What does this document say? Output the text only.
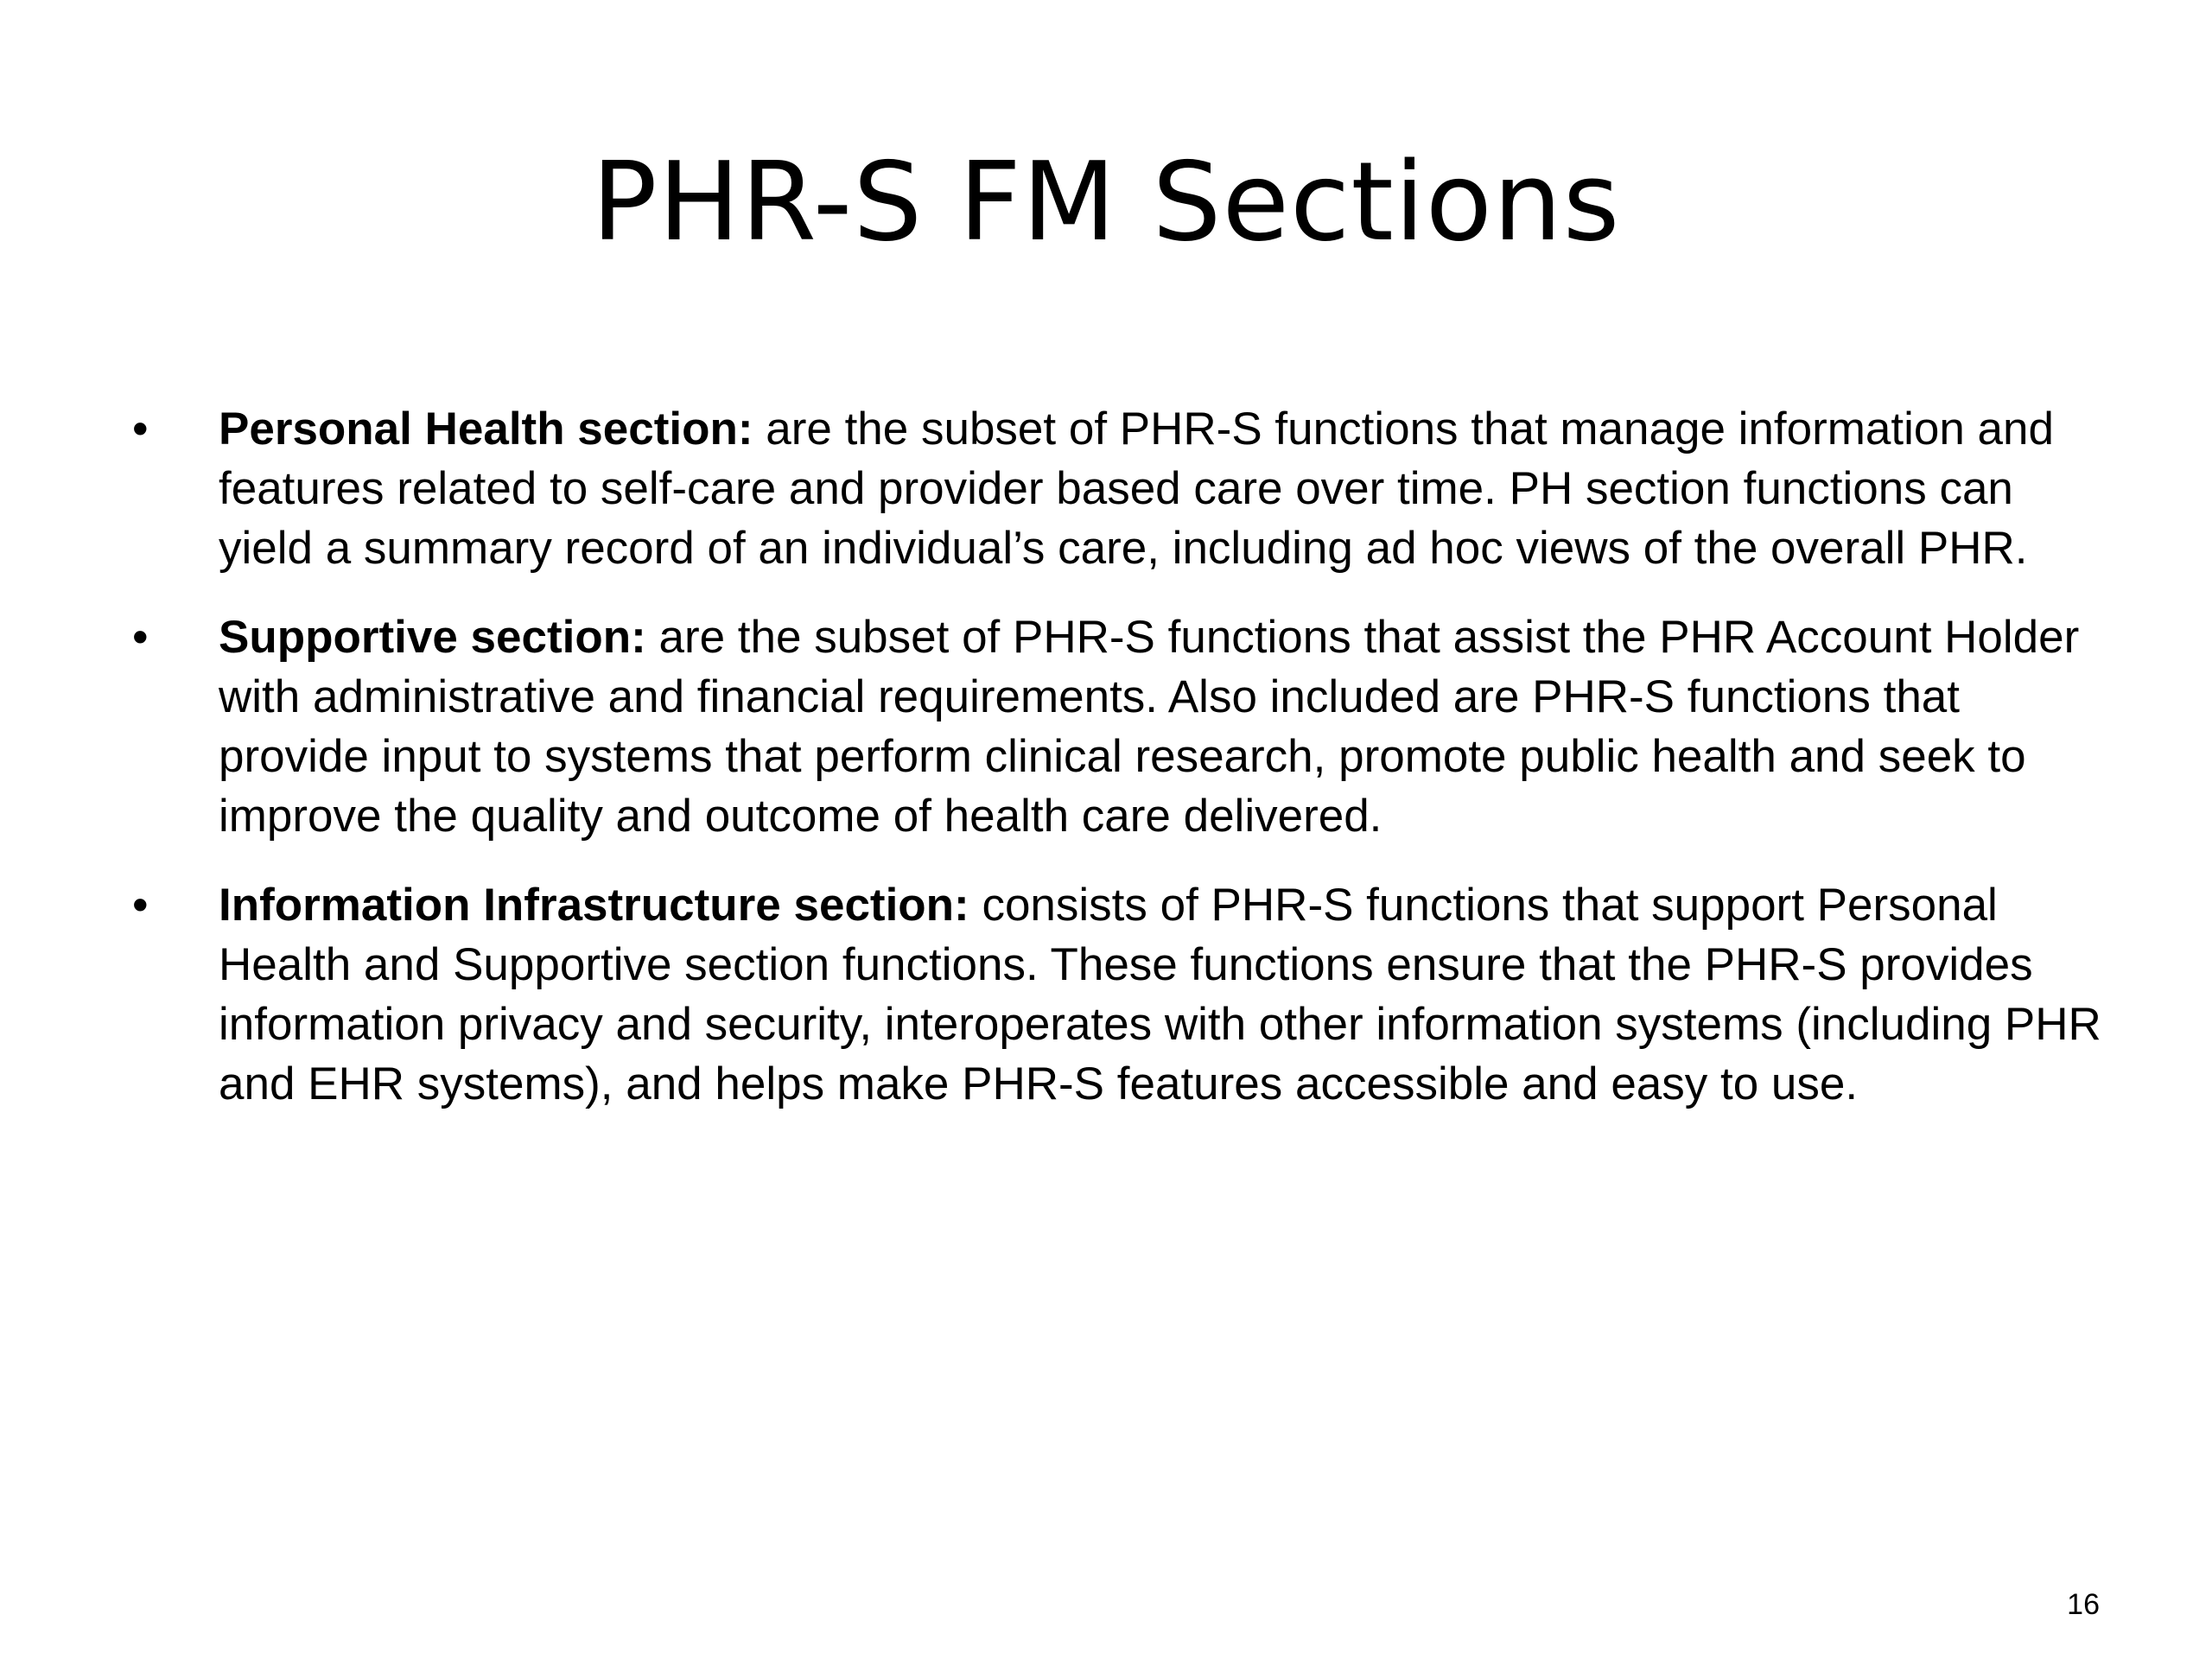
PHR-S FM Sections
• Personal Health section: are the subset of PHR-S functions that manage information and features related to self-care and provider based care over time. PH section functions can yield a summary record of an individual’s care, including ad hoc views of the overall PHR.
• Supportive section: are the subset of PHR-S functions that assist the PHR Account Holder with administrative and financial requirements. Also included are PHR-S functions that provide input to systems that perform clinical research, promote public health and seek to improve the quality and outcome of health care delivered.
• Information Infrastructure section: consists of PHR-S functions that support Personal Health and Supportive section functions. These functions ensure that the PHR-S provides information privacy and security, interoperates with other information systems (including PHR and EHR systems), and helps make PHR-S features accessible and easy to use.
16
